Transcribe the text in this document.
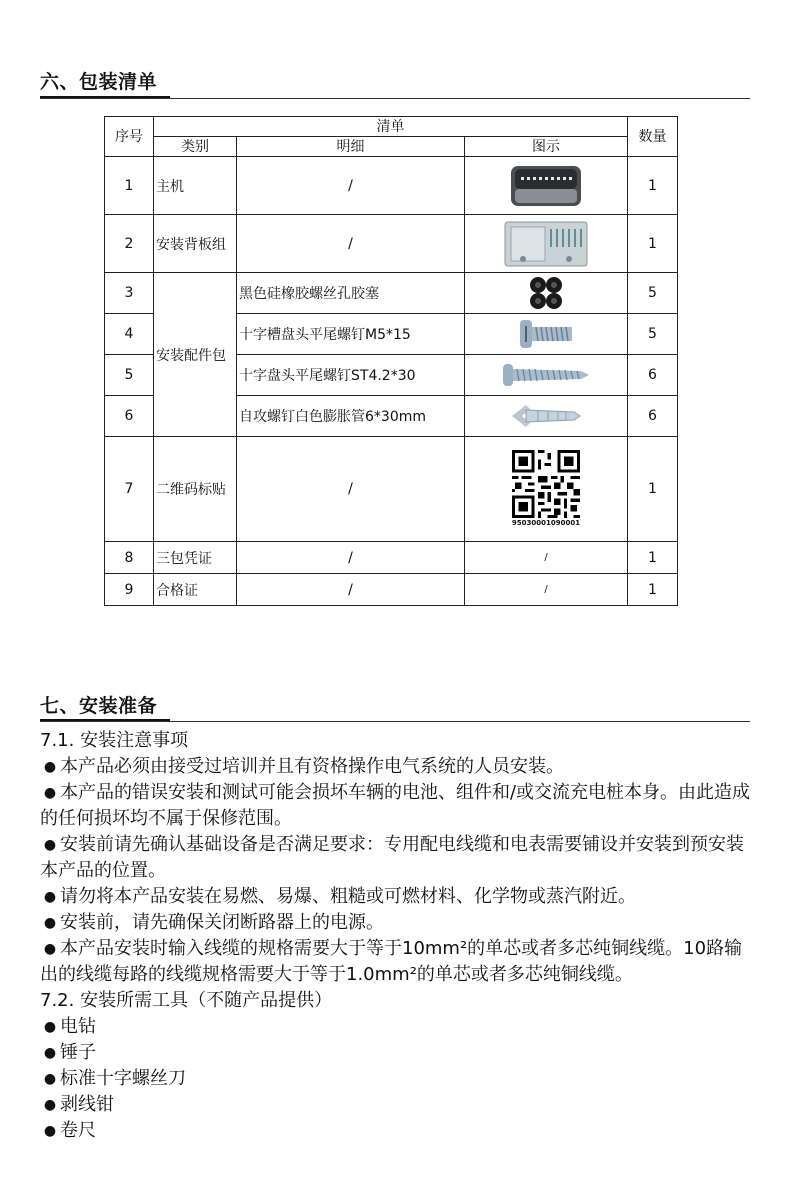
六、包装清单
序号	清单			数量
	类别	明细	图示	
1	主机	/		1
2	安装背板组	/		1
3	安装配件包	黑色硅橡胶螺丝孔胶塞		5
4		十字槽盘头平尾螺钉M5*15		5
5		十字盘头平尾螺钉ST4.2*30		6
6		自攻螺钉白色膨胀管6*30mm		6
7	二维码标贴	/	95030001090001	1
8	三包凭证	/	/	1
9	合格证	/	/	1
七、安装准备

7.1. 安装注意事项

● 本产品必须由接受过培训并且有资格操作电气系统的人员安装。

● 本产品的错误安装和测试可能会损坏车辆的电池、组件和/或交流充电桩本身。由此造成的任何损坏均不属于保修范围。

● 安装前请先确认基础设备是否满足要求：专用配电线缆和电表需要铺设并安装到预安装本产品的位置。

● 请勿将本产品安装在易燃、易爆、粗糙或可燃材料、化学物或蒸汽附近。

● 安装前，请先确保关闭断路器上的电源。

● 本产品安装时输入线缆的规格需要大于等于10mm²的单芯或者多芯纯铜线缆。10路输出的线缆每路的线缆规格需要大于等于1.0mm²的单芯或者多芯纯铜线缆。

7.2. 安装所需工具（不随产品提供）

● 电钻

● 锤子

● 标准十字螺丝刀

● 剥线钳

● 卷尺
